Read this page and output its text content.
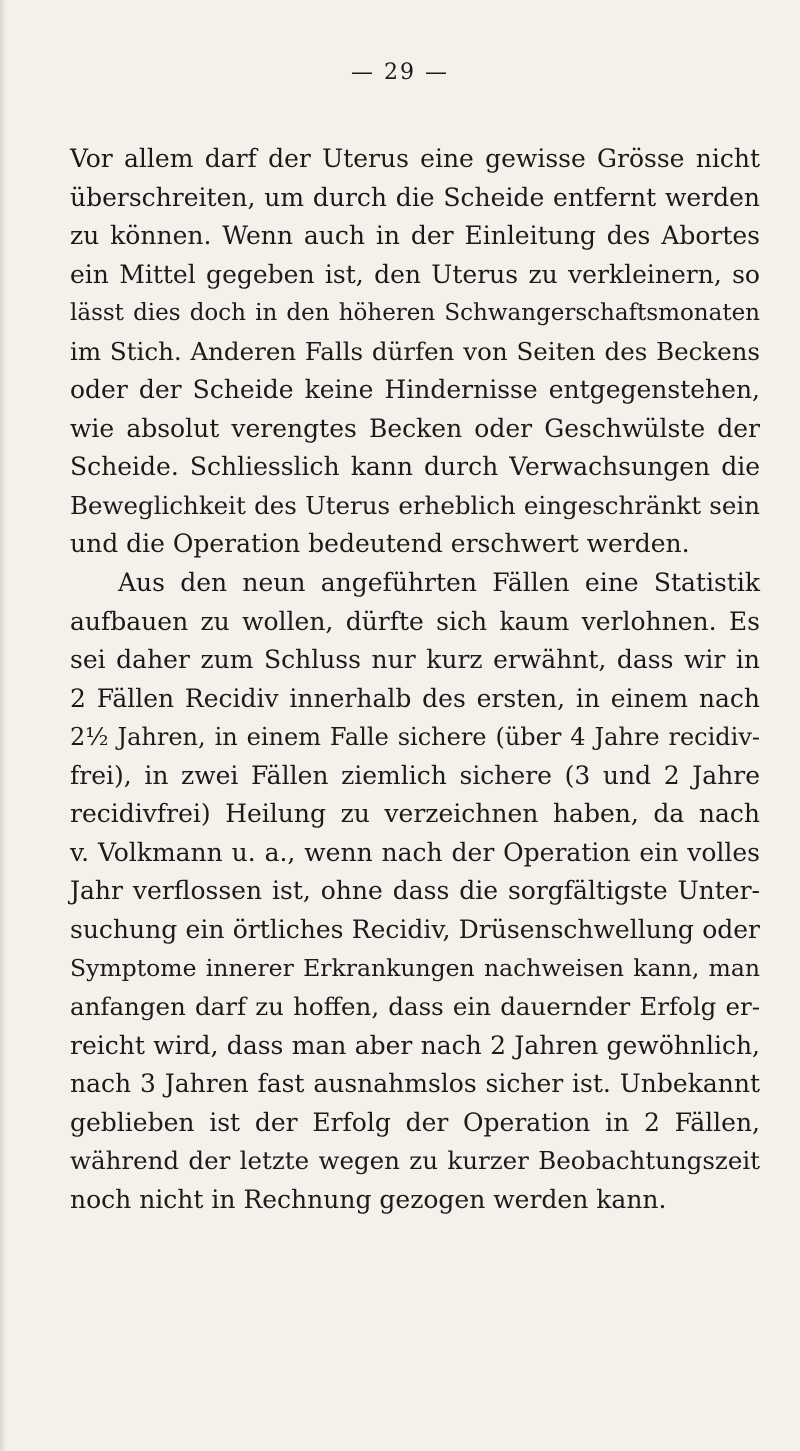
— 29 —
Vor allem darf der Uterus eine gewisse Grösse nicht
überschreiten, um durch die Scheide entfernt werden
zu können. Wenn auch in der Einleitung des Abortes
ein Mittel gegeben ist, den Uterus zu verkleinern, so
lässt dies doch in den höheren Schwangerschaftsmonaten
im Stich. Anderen Falls dürfen von Seiten des Beckens
oder der Scheide keine Hindernisse entgegenstehen,
wie absolut verengtes Becken oder Geschwülste der
Scheide. Schliesslich kann durch Verwachsungen die
Beweglichkeit des Uterus erheblich eingeschränkt sein
und die Operation bedeutend erschwert werden.
Aus den neun angeführten Fällen eine Statistik
aufbauen zu wollen, dürfte sich kaum verlohnen. Es
sei daher zum Schluss nur kurz erwähnt, dass wir in
2 Fällen Recidiv innerhalb des ersten, in einem nach
2½ Jahren, in einem Falle sichere (über 4 Jahre recidiv-
frei), in zwei Fällen ziemlich sichere (3 und 2 Jahre
recidivfrei) Heilung zu verzeichnen haben, da nach
v. Volkmann u. a., wenn nach der Operation ein volles
Jahr verflossen ist, ohne dass die sorgfältigste Unter-
suchung ein örtliches Recidiv, Drüsenschwellung oder
Symptome innerer Erkrankungen nachweisen kann, man
anfangen darf zu hoffen, dass ein dauernder Erfolg er-
reicht wird, dass man aber nach 2 Jahren gewöhnlich,
nach 3 Jahren fast ausnahmslos sicher ist. Unbekannt
geblieben ist der Erfolg der Operation in 2 Fällen,
während der letzte wegen zu kurzer Beobachtungszeit
noch nicht in Rechnung gezogen werden kann.
